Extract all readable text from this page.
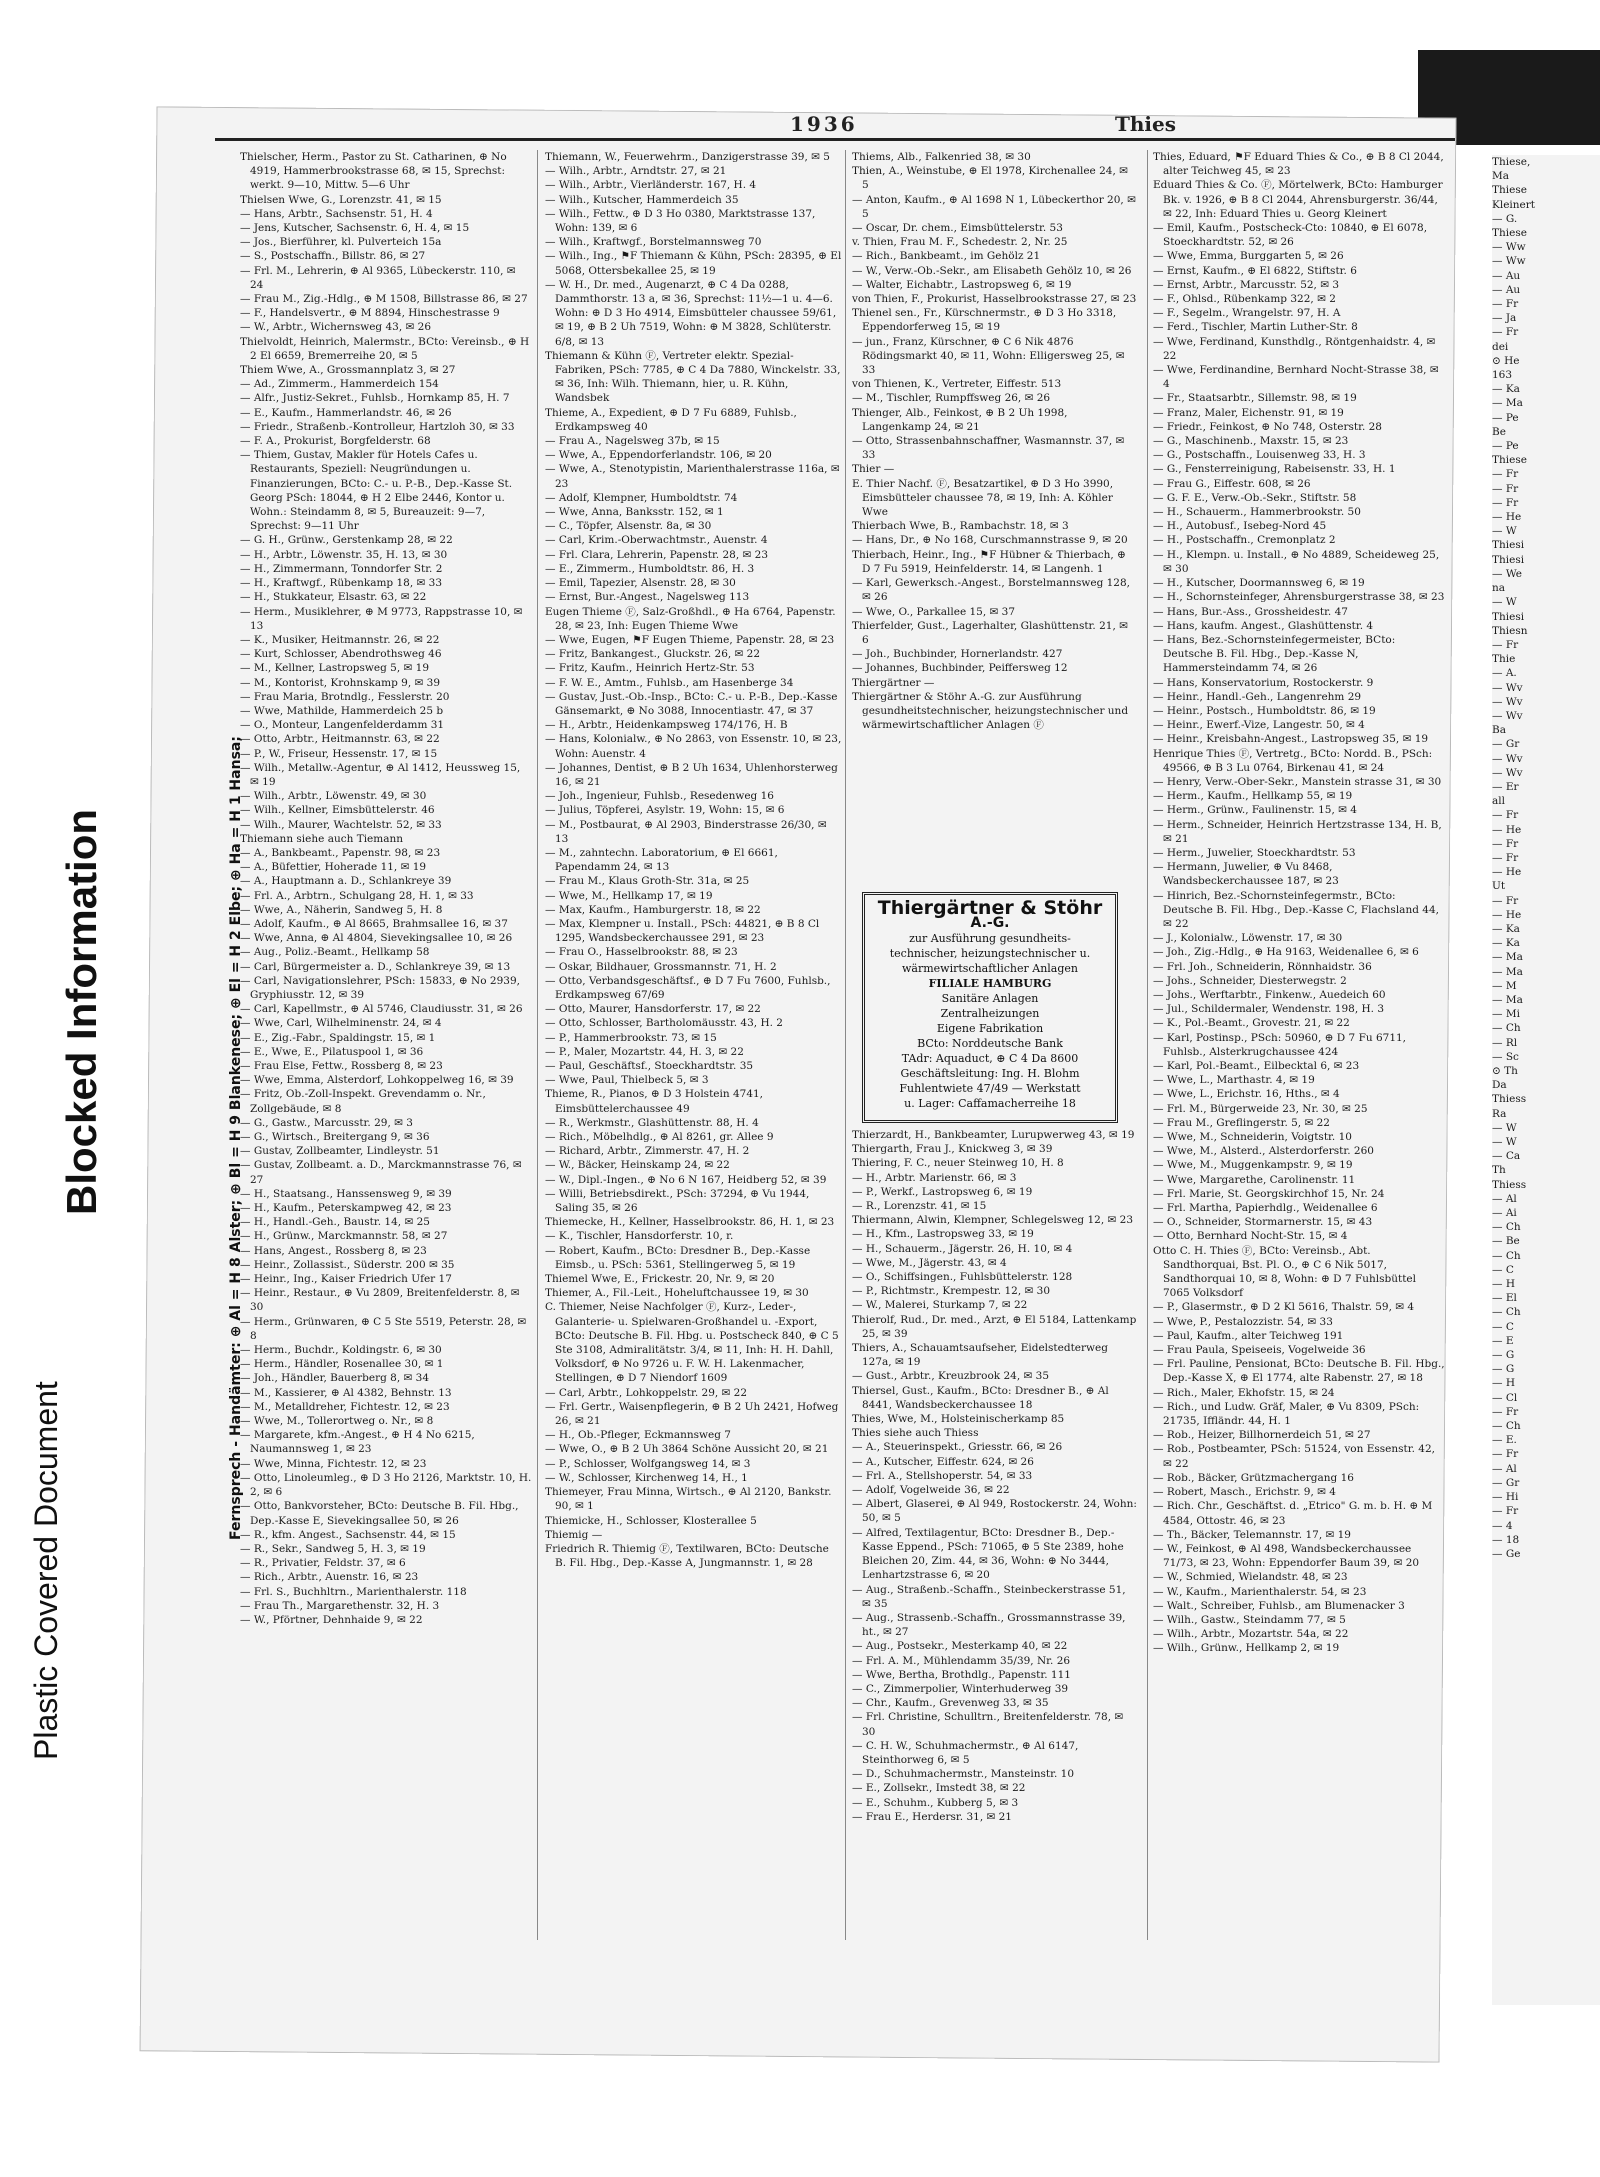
Plastic Covered Document
Blocked Information
1936	Thies
Fernsprech - Handämter: ⊕ Al = H 8 Alster; ⊕ Bl = H 9 Blankenese; ⊕ El = H 2 Elbe; ⊕ Ha = H 1 Hansa;

Thielscher, Herm., Pastor zu St. Catharinen, ⊕ No 4919, Hammerbrookstrasse 68, ✉ 15, Sprechst: werkt. 9—10, Mittw. 5—6 Uhr

Thielsen Wwe, G., Lorenzstr. 41, ✉ 15

— Hans, Arbtr., Sachsenstr. 51, H. 4

— Jens, Kutscher, Sachsenstr. 6, H. 4, ✉ 15

— Jos., Bierführer, kl. Pulverteich 15a

— S., Postschaffn., Billstr. 86, ✉ 27

— Frl. M., Lehrerin, ⊕ Al 9365, Lübeckerstr. 110, ✉ 24

— Frau M., Zig.-Hdlg., ⊕ M 1508, Billstrasse 86, ✉ 27

— F., Handelsvertr., ⊕ M 8894, Hinschestrasse 9

— W., Arbtr., Wichernsweg 43, ✉ 26

Thielvoldt, Heinrich, Malermstr., BCto: Vereinsb., ⊕ H 2 El 6659, Bremerreihe 20, ✉ 5

Thiem Wwe, A., Grossmannplatz 3, ✉ 27

— Ad., Zimmerm., Hammerdeich 154

— Alfr., Justiz-Sekret., Fuhlsb., Hornkamp 85, H. 7

— E., Kaufm., Hammerlandstr. 46, ✉ 26

— Friedr., Straßenb.-Kontrolleur, Hartzloh 30, ✉ 33

— F. A., Prokurist, Borgfelderstr. 68

— Thiem, Gustav, Makler für Hotels Cafes u. Restaurants, Speziell: Neugründungen u. Finanzierungen, BCto: C.- u. P.-B., Dep.-Kasse St. Georg PSch: 18044, ⊕ H 2 Elbe 2446, Kontor u. Wohn.: Steindamm 8, ✉ 5, Bureauzeit: 9—7, Sprechst: 9—11 Uhr

— G. H., Grünw., Gerstenkamp 28, ✉ 22

— H., Arbtr., Löwenstr. 35, H. 13, ✉ 30

— H., Zimmermann, Tonndorfer Str. 2

— H., Kraftwgf., Rübenkamp 18, ✉ 33

— H., Stukkateur, Elsastr. 63, ✉ 22

— Herm., Musiklehrer, ⊕ M 9773, Rappstrasse 10, ✉ 13

— K., Musiker, Heitmannstr. 26, ✉ 22

— Kurt, Schlosser, Abendrothsweg 46

— M., Kellner, Lastropsweg 5, ✉ 19

— M., Kontorist, Krohnskamp 9, ✉ 39

— Frau Maria, Brotndlg., Fesslerstr. 20

— Wwe, Mathilde, Hammerdeich 25 b

— O., Monteur, Langenfelderdamm 31

— Otto, Arbtr., Heitmannstr. 63, ✉ 22

— P., W., Friseur, Hessenstr. 17, ✉ 15

— Wilh., Metallw.-Agentur, ⊕ Al 1412, Heussweg 15, ✉ 19

— Wilh., Arbtr., Löwenstr. 49, ✉ 30

— Wilh., Kellner, Eimsbüttelerstr. 46

— Wilh., Maurer, Wachtelstr. 52, ✉ 33

Thiemann siehe auch Tiemann

— A., Bankbeamt., Papenstr. 98, ✉ 23

— A., Büfettier, Hoherade 11, ✉ 19

— A., Hauptmann a. D., Schlankreye 39

— Frl. A., Arbtrn., Schulgang 28, H. 1, ✉ 33

— Wwe, A., Näherin, Sandweg 5, H. 8

— Adolf, Kaufm., ⊕ Al 8665, Brahmsallee 16, ✉ 37

— Wwe, Anna, ⊕ Al 4804, Sievekingsallee 10, ✉ 26

— Aug., Poliz.-Beamt., Hellkamp 58

— Carl, Bürgermeister a. D., Schlankreye 39, ✉ 13

— Carl, Navigationslehrer, PSch: 15833, ⊕ No 2939, Gryphiusstr. 12, ✉ 39

— Carl, Kapellmstr., ⊕ Al 5746, Claudiusstr. 31, ✉ 26

— Wwe, Carl, Wilhelminenstr. 24, ✉ 4

— E., Zig.-Fabr., Spaldingstr. 15, ✉ 1

— E., Wwe, E., Pilatuspool 1, ✉ 36

— Frau Else, Fettw., Rossberg 8, ✉ 23

— Wwe, Emma, Alsterdorf, Lohkoppelweg 16, ✉ 39

— Fritz, Ob.-Zoll-Inspekt. Grevendamm o. Nr., Zollgebäude, ✉ 8

— G., Gastw., Marcusstr. 29, ✉ 3

— G., Wirtsch., Breitergang 9, ✉ 36

— Gustav, Zollbeamter, Lindleystr. 51

— Gustav, Zollbeamt. a. D., Marckmannstrasse 76, ✉ 27

— H., Staatsang., Hanssensweg 9, ✉ 39

— H., Kaufm., Peterskampweg 42, ✉ 23

— H., Handl.-Geh., Baustr. 14, ✉ 25

— H., Grünw., Marckmannstr. 58, ✉ 27

— Hans, Angest., Rossberg 8, ✉ 23

— Heinr., Zollassist., Süderstr. 200 ✉ 35

— Heinr., Ing., Kaiser Friedrich Ufer 17

— Heinr., Restaur., ⊕ Vu 2809, Breitenfelderstr. 8, ✉ 30

— Herm., Grünwaren, ⊕ C 5 Ste 5519, Peterstr. 28, ✉ 8

— Herm., Buchdr., Koldingstr. 6, ✉ 30

— Herm., Händler, Rosenallee 30, ✉ 1

— Joh., Händler, Bauerberg 8, ✉ 34

— M., Kassierer, ⊕ Al 4382, Behnstr. 13

— M., Metalldreher, Fichtestr. 12, ✉ 23

— Wwe, M., Tollerortweg o. Nr., ✉ 8

— Margarete, kfm.-Angest., ⊕ H 4 No 6215, Naumannsweg 1, ✉ 23

— Wwe, Minna, Fichtestr. 12, ✉ 23

— Otto, Linoleumleg., ⊕ D 3 Ho 2126, Marktstr. 10, H. 2, ✉ 6

— Otto, Bankvorsteher, BCto: Deutsche B. Fil. Hbg., Dep.-Kasse E, Sievekingsallee 50, ✉ 26

— R., kfm. Angest., Sachsenstr. 44, ✉ 15

— R., Sekr., Sandweg 5, H. 3, ✉ 19

— R., Privatier, Feldstr. 37, ✉ 6

— Rich., Arbtr., Auenstr. 16, ✉ 23

— Frl. S., Buchhltrn., Marienthalerstr. 118

— Frau Th., Margarethenstr. 32, H. 3

— W., Pförtner, Dehnhaide 9, ✉ 22

Thiemann, W., Feuerwehrm., Danzigerstrasse 39, ✉ 5

— Wilh., Arbtr., Arndtstr. 27, ✉ 21

— Wilh., Arbtr., Vierländerstr. 167, H. 4

— Wilh., Kutscher, Hammerdeich 35

— Wilh., Fettw., ⊕ D 3 Ho 0380, Marktstrasse 137, Wohn: 139, ✉ 6

— Wilh., Kraftwgf., Borstelmannsweg 70

— Wilh., Ing., ⚑F Thiemann & Kühn, PSch: 28395, ⊕ El 5068, Ottersbekallee 25, ✉ 19

— W. H., Dr. med., Augenarzt, ⊕ C 4 Da 0288, Dammthorstr. 13 a, ✉ 36, Sprechst: 11½—1 u. 4—6. Wohn: ⊕ D 3 Ho 4914, Eimsbütteler chaussee 59/61, ✉ 19, ⊕ B 2 Uh 7519, Wohn: ⊕ M 3828, Schlüterstr. 6/8, ✉ 13

Thiemann & Kühn Ⓕ, Vertreter elektr. Spezial-Fabriken, PSch: 7785, ⊕ C 4 Da 7880, Winckelstr. 33, ✉ 36, Inh: Wilh. Thiemann, hier, u. R. Kühn, Wandsbek

Thieme, A., Expedient, ⊕ D 7 Fu 6889, Fuhlsb., Erdkampsweg 40

— Frau A., Nagelsweg 37b, ✉ 15

— Wwe, A., Eppendorferlandstr. 106, ✉ 20

— Wwe, A., Stenotypistin, Marienthalerstrasse 116a, ✉ 23

— Adolf, Klempner, Humboldtstr. 74

— Wwe, Anna, Banksstr. 152, ✉ 1

— C., Töpfer, Alsenstr. 8a, ✉ 30

— Carl, Krim.-Oberwachtmstr., Auenstr. 4

— Frl. Clara, Lehrerin, Papenstr. 28, ✉ 23

— E., Zimmerm., Humboldtstr. 86, H. 3

— Emil, Tapezier, Alsenstr. 28, ✉ 30

— Ernst, Bur.-Angest., Nagelsweg 113

Eugen Thieme Ⓕ, Salz-Großhdl., ⊕ Ha 6764, Papenstr. 28, ✉ 23, Inh: Eugen Thieme Wwe

— Wwe, Eugen, ⚑F Eugen Thieme, Papenstr. 28, ✉ 23

— Fritz, Bankangest., Gluckstr. 26, ✉ 22

— Fritz, Kaufm., Heinrich Hertz-Str. 53

— F. W. E., Amtm., Fuhlsb., am Hasenberge 34

— Gustav, Just.-Ob.-Insp., BCto: C.- u. P.-B., Dep.-Kasse Gänsemarkt, ⊕ No 3088, Innocentiastr. 47, ✉ 37

— H., Arbtr., Heidenkampsweg 174/176, H. B

— Hans, Kolonialw., ⊕ No 2863, von Essenstr. 10, ✉ 23, Wohn: Auenstr. 4

— Johannes, Dentist, ⊕ B 2 Uh 1634, Uhlenhorsterweg 16, ✉ 21

— Joh., Ingenieur, Fuhlsb., Resedenweg 16

— Julius, Töpferei, Asylstr. 19, Wohn: 15, ✉ 6

— M., Postbaurat, ⊕ Al 2903, Binderstrasse 26/30, ✉ 13

— M., zahntechn. Laboratorium, ⊕ El 6661, Papendamm 24, ✉ 13

— Frau M., Klaus Groth-Str. 31a, ✉ 25

— Wwe, M., Hellkamp 17, ✉ 19

— Max, Kaufm., Hamburgerstr. 18, ✉ 22

— Max, Klempner u. Install., PSch: 44821, ⊕ B 8 Cl 1295, Wandsbeckerchaussee 291, ✉ 23

— Frau O., Hasselbrookstr. 88, ✉ 23

— Oskar, Bildhauer, Grossmannstr. 71, H. 2

— Otto, Verbandsgeschäftsf., ⊕ D 7 Fu 7600, Fuhlsb., Erdkampsweg 67/69

— Otto, Maurer, Hansdorferstr. 17, ✉ 22

— Otto, Schlosser, Bartholomäusstr. 43, H. 2

— P., Hammerbrookstr. 73, ✉ 15

— P., Maler, Mozartstr. 44, H. 3, ✉ 22

— Paul, Geschäftsf., Stoeckhardtstr. 35

— Wwe, Paul, Thielbeck 5, ✉ 3

Thieme, R., Pianos, ⊕ D 3 Holstein 4741, Eimsbüttelerchaussee 49

— R., Werkmstr., Glashüttenstr. 88, H. 4

— Rich., Möbelhdlg., ⊕ Al 8261, gr. Allee 9

— Richard, Arbtr., Zimmerstr. 47, H. 2

— W., Bäcker, Heinskamp 24, ✉ 22

— W., Dipl.-Ingen., ⊕ No 6 N 167, Heidberg 52, ✉ 39

— Willi, Betriebsdirekt., PSch: 37294, ⊕ Vu 1944, Saling 35, ✉ 26

Thiemecke, H., Kellner, Hasselbrookstr. 86, H. 1, ✉ 23

— K., Tischler, Hansdorferstr. 10, r.

— Robert, Kaufm., BCto: Dresdner B., Dep.-Kasse Eimsb., u. PSch: 5361, Stellingerweg 5, ✉ 19

Thiemel Wwe, E., Frickestr. 20, Nr. 9, ✉ 20

Thiemer, A., Fil.-Leit., Hoheluftchaussee 19, ✉ 30

C. Thiemer, Neise Nachfolger Ⓕ, Kurz-, Leder-, Galanterie- u. Spielwaren-Großhandel u. -Export, BCto: Deutsche B. Fil. Hbg. u. Postscheck 840, ⊕ C 5 Ste 3108, Admiralitätstr. 3/4, ✉ 11, Inh: H. H. Dahll, Volksdorf, ⊕ No 9726 u. F. W. H. Lakenmacher, Stellingen, ⊕ D 7 Niendorf 1609

— Carl, Arbtr., Lohkoppelstr. 29, ✉ 22

— Frl. Gertr., Waisenpflegerin, ⊕ B 2 Uh 2421, Hofweg 26, ✉ 21

— H., Ob.-Pfleger, Eckmannsweg 7

— Wwe, O., ⊕ B 2 Uh 3864 Schöne Aussicht 20, ✉ 21

— P., Schlosser, Wolfgangsweg 14, ✉ 3

— W., Schlosser, Kirchenweg 14, H., 1

Thiemeyer, Frau Minna, Wirtsch., ⊕ Al 2120, Bankstr. 90, ✉ 1

Thiemicke, H., Schlosser, Klosterallee 5

Thiemig —

Friedrich R. Thiemig Ⓕ, Textilwaren, BCto: Deutsche B. Fil. Hbg., Dep.-Kasse A, Jungmannstr. 1, ✉ 28

Thiems, Alb., Falkenried 38, ✉ 30

Thien, A., Weinstube, ⊕ El 1978, Kirchenallee 24, ✉ 5

— Anton, Kaufm., ⊕ Al 1698 N 1, Lübeckerthor 20, ✉ 5

— Oscar, Dr. chem., Eimsbüttelerstr. 53

v. Thien, Frau M. F., Schedestr. 2, Nr. 25

— Rich., Bankbeamt., im Gehölz 21

— W., Verw.-Ob.-Sekr., am Elisabeth Gehölz 10, ✉ 26

— Walter, Eichabtr., Lastropsweg 6, ✉ 19

von Thien, F., Prokurist, Hasselbrookstrasse 27, ✉ 23

Thienel sen., Fr., Kürschnermstr., ⊕ D 3 Ho 3318, Eppendorferweg 15, ✉ 19

— jun., Franz, Kürschner, ⊕ C 6 Nik 4876 Rödingsmarkt 40, ✉ 11, Wohn: Elligersweg 25, ✉ 33

von Thienen, K., Vertreter, Eiffestr. 513

— M., Tischler, Rumpffsweg 26, ✉ 26

Thienger, Alb., Feinkost, ⊕ B 2 Uh 1998, Langenkamp 24, ✉ 21

— Otto, Strassenbahnschaffner, Wasmannstr. 37, ✉ 33

Thier —

E. Thier Nachf. Ⓕ, Besatzartikel, ⊕ D 3 Ho 3990, Eimsbütteler chaussee 78, ✉ 19, Inh: A. Köhler Wwe

Thierbach Wwe, B., Rambachstr. 18, ✉ 3

— Hans, Dr., ⊕ No 168, Curschmannstrasse 9, ✉ 20

Thierbach, Heinr., Ing., ⚑F Hübner & Thierbach, ⊕ D 7 Fu 5919, Heinfelderstr. 14, ✉ Langenh. 1

— Karl, Gewerksch.-Angest., Borstelmannsweg 128, ✉ 26

— Wwe, O., Parkallee 15, ✉ 37

Thierfelder, Gust., Lagerhalter, Glashüttenstr. 21, ✉ 6

— Joh., Buchbinder, Hornerlandstr. 427

— Johannes, Buchbinder, Peiffersweg 12

Thiergärtner —

Thiergärtner & Stöhr A.-G. zur Ausführung gesundheitstechnischer, heizungstechnischer und wärmewirtschaftlicher Anlagen Ⓕ

Thiergärtner & Stöhr
A.-G.
zur Ausführung gesundheits-
technischer, heizungstechnischer u.
wärmewirtschaftlicher Anlagen
FILIALE HAMBURG
Sanitäre Anlagen
Zentralheizungen
Eigene Fabrikation
BCto: Norddeutsche Bank
TAdr: Aquaduct, ⊕ C 4 Da 8600
Geschäftsleitung: Ing. H. Blohm
Fuhlentwiete 47/49 — Werkstatt
u. Lager: Caffamacherreihe 18

Thierzardt, H., Bankbeamter, Lurupwerweg 43, ✉ 19

Thiergarth, Frau J., Knickweg 3, ✉ 39

Thiering, F. C., neuer Steinweg 10, H. 8

— H., Arbtr. Marienstr. 66, ✉ 3

— P., Werkf., Lastropsweg 6, ✉ 19

— R., Lorenzstr. 41, ✉ 15

Thiermann, Alwin, Klempner, Schlegelsweg 12, ✉ 23

— H., Kfm., Lastropsweg 33, ✉ 19

— H., Schauerm., Jägerstr. 26, H. 10, ✉ 4

— Wwe, M., Jägerstr. 43, ✉ 4

— O., Schiffsingen., Fuhlsbüttelerstr. 128

— P., Richtmstr., Krempestr. 12, ✉ 30

— W., Malerei, Sturkamp 7, ✉ 22

Thierolf, Rud., Dr. med., Arzt, ⊕ El 5184, Lattenkamp 25, ✉ 39

Thiers, A., Schauamtsaufseher, Eidelstedterweg 127a, ✉ 19

— Gust., Arbtr., Kreuzbrook 24, ✉ 35

Thiersel, Gust., Kaufm., BCto: Dresdner B., ⊕ Al 8441, Wandsbeckerchaussee 18

Thies, Wwe, M., Holsteinischerkamp 85

Thies siehe auch Thiess

— A., Steuerinspekt., Griesstr. 66, ✉ 26

— A., Kutscher, Eiffestr. 624, ✉ 26

— Frl. A., Stellshoperstr. 54, ✉ 33

— Adolf, Vogelweide 36, ✉ 22

— Albert, Glaserei, ⊕ Al 949, Rostockerstr. 24, Wohn: 50, ✉ 5

— Alfred, Textilagentur, BCto: Dresdner B., Dep.-Kasse Eppend., PSch: 71065, ⊕ 5 Ste 2389, hohe Bleichen 20, Zim. 44, ✉ 36, Wohn: ⊕ No 3444, Lenhartzstrasse 6, ✉ 20

— Aug., Straßenb.-Schaffn., Steinbeckerstrasse 51, ✉ 35

— Aug., Strassenb.-Schaffn., Grossmannstrasse 39, ht., ✉ 27

— Aug., Postsekr., Mesterkamp 40, ✉ 22

— Frl. A. M., Mühlendamm 35/39, Nr. 26

— Wwe, Bertha, Brothdlg., Papenstr. 111

— C., Zimmerpolier, Winterhuderweg 39

— Chr., Kaufm., Grevenweg 33, ✉ 35

— Frl. Christine, Schulltrn., Breitenfelderstr. 78, ✉ 30

— C. H. W., Schuhmachermstr., ⊕ Al 6147, Steinthorweg 6, ✉ 5

— D., Schuhmachermstr., Mansteinstr. 10

— E., Zollsekr., Imstedt 38, ✉ 22

— E., Schuhm., Kubberg 5, ✉ 3

— Frau E., Herdersr. 31, ✉ 21

Thies, Eduard, ⚑F Eduard Thies & Co., ⊕ B 8 Cl 2044, alter Teichweg 45, ✉ 23

Eduard Thies & Co. Ⓕ, Mörtelwerk, BCto: Hamburger Bk. v. 1926, ⊕ B 8 Cl 2044, Ahrensburgerstr. 36/44, ✉ 22, Inh: Eduard Thies u. Georg Kleinert

— Emil, Kaufm., Postscheck-Cto: 10840, ⊕ El 6078, Stoeckhardtstr. 52, ✉ 26

— Wwe, Emma, Burggarten 5, ✉ 26

— Ernst, Kaufm., ⊕ El 6822, Stiftstr. 6

— Ernst, Arbtr., Marcusstr. 52, ✉ 3

— F., Ohlsd., Rübenkamp 322, ✉ 2

— F., Segelm., Wrangelstr. 97, H. A

— Ferd., Tischler, Martin Luther-Str. 8

— Wwe, Ferdinand, Kunsthdlg., Röntgenhaidstr. 4, ✉ 22

— Wwe, Ferdinandine, Bernhard Nocht-Strasse 38, ✉ 4

— Fr., Staatsarbtr., Sillemstr. 98, ✉ 19

— Franz, Maler, Eichenstr. 91, ✉ 19

— Friedr., Feinkost, ⊕ No 748, Osterstr. 28

— G., Maschinenb., Maxstr. 15, ✉ 23

— G., Postschaffn., Louisenweg 33, H. 3

— G., Fensterreinigung, Rabeisenstr. 33, H. 1

— Frau G., Eiffestr. 608, ✉ 26

— G. F. E., Verw.-Ob.-Sekr., Stiftstr. 58

— H., Schauerm., Hammerbrookstr. 50

— H., Autobusf., Isebeg-Nord 45

— H., Postschaffn., Cremonplatz 2

— H., Klempn. u. Install., ⊕ No 4889, Scheideweg 25, ✉ 30

— H., Kutscher, Doormannsweg 6, ✉ 19

— H., Schornsteinfeger, Ahrensburgerstrasse 38, ✉ 23

— Hans, Bur.-Ass., Grossheidestr. 47

— Hans, kaufm. Angest., Glashüttenstr. 4

— Hans, Bez.-Schornsteinfegermeister, BCto: Deutsche B. Fil. Hbg., Dep.-Kasse N, Hammersteindamm 74, ✉ 26

— Hans, Konservatorium, Rostockerstr. 9

— Heinr., Handl.-Geh., Langenrehm 29

— Heinr., Postsch., Humboldtstr. 86, ✉ 19

— Heinr., Ewerf.-Vize, Langestr. 50, ✉ 4

— Heinr., Kreisbahn-Angest., Lastropsweg 35, ✉ 19

Henrique Thies Ⓕ, Vertretg., BCto: Nordd. B., PSch: 49566, ⊕ B 3 Lu 0764, Birkenau 41, ✉ 24

— Henry, Verw.-Ober-Sekr., Manstein strasse 31, ✉ 30

— Herm., Kaufm., Hellkamp 55, ✉ 19

— Herm., Grünw., Faulinenstr. 15, ✉ 4

— Herm., Schneider, Heinrich Hertzstrasse 134, H. B, ✉ 21

— Herm., Juwelier, Stoeckhardtstr. 53

— Hermann, Juwelier, ⊕ Vu 8468, Wandsbeckerchaussee 187, ✉ 23

— Hinrich, Bez.-Schornsteinfegermstr., BCto: Deutsche B. Fil. Hbg., Dep.-Kasse C, Flachsland 44, ✉ 22

— J., Kolonialw., Löwenstr. 17, ✉ 30

— Joh., Zig.-Hdlg., ⊕ Ha 9163, Weidenallee 6, ✉ 6

— Frl. Joh., Schneiderin, Rönnhaidstr. 36

— Johs., Schneider, Diesterwegstr. 2

— Johs., Werftarbtr., Finkenw., Auedeich 60

— Jul., Schildermaler, Wendenstr. 198, H. 3

— K., Pol.-Beamt., Grovestr. 21, ✉ 22

— Karl, Postinsp., PSch: 50960, ⊕ D 7 Fu 6711, Fuhlsb., Alsterkrugchaussee 424

— Karl, Pol.-Beamt., Eilbecktal 6, ✉ 23

— Wwe, L., Marthastr. 4, ✉ 19

— Wwe, L., Erichstr. 16, Hths., ✉ 4

— Frl. M., Bürgerweide 23, Nr. 30, ✉ 25

— Frau M., Greflingerstr. 5, ✉ 22

— Wwe, M., Schneiderin, Voigtstr. 10

— Wwe, M., Alsterd., Alsterdorferstr. 260

— Wwe, M., Muggenkampstr. 9, ✉ 19

— Wwe, Margarethe, Carolinenstr. 11

— Frl. Marie, St. Georgskirchhof 15, Nr. 24

— Frl. Martha, Papierhdlg., Weidenallee 6

— O., Schneider, Stormarnerstr. 15, ✉ 43

— Otto, Bernhard Nocht-Str. 15, ✉ 4

Otto C. H. Thies Ⓕ, BCto: Vereinsb., Abt. Sandthorquai, Bst. Pl. O., ⊕ C 6 Nik 5017, Sandthorquai 10, ✉ 8, Wohn: ⊕ D 7 Fuhlsbüttel 7065 Volksdorf

— P., Glasermstr., ⊕ D 2 Kl 5616, Thalstr. 59, ✉ 4

— Wwe, P., Pestalozzistr. 54, ✉ 33

— Paul, Kaufm., alter Teichweg 191

— Frau Paula, Speiseeis, Vogelweide 36

— Frl. Pauline, Pensionat, BCto: Deutsche B. Fil. Hbg., Dep.-Kasse X, ⊕ El 1774, alte Rabenstr. 27, ✉ 18

— Rich., Maler, Ekhofstr. 15, ✉ 24

— Rich., und Ludw. Gräf, Maler, ⊕ Vu 8309, PSch: 21735, Iffländr. 44, H. 1

— Rob., Heizer, Billhornerdeich 51, ✉ 27

— Rob., Postbeamter, PSch: 51524, von Essenstr. 42, ✉ 22

— Rob., Bäcker, Grützmachergang 16

— Robert, Masch., Erichstr. 9, ✉ 4

— Rich. Chr., Geschäftst. d. „Etrico" G. m. b. H. ⊕ M 4584, Ottostr. 46, ✉ 23

— Th., Bäcker, Telemannstr. 17, ✉ 19

— W., Feinkost, ⊕ Al 498, Wandsbeckerchaussee 71/73, ✉ 23, Wohn: Eppendorfer Baum 39, ✉ 20

— W., Schmied, Wielandstr. 48, ✉ 23

— W., Kaufm., Marienthalerstr. 54, ✉ 23

— Walt., Schreiber, Fuhlsb., am Blumenacker 3

— Wilh., Gastw., Steindamm 77, ✉ 5

— Wilh., Arbtr., Mozartstr. 54a, ✉ 22

— Wilh., Grünw., Hellkamp 2, ✉ 19

Thiese,

Ma

Thiese

Kleinert

— G.

Thiese

— Ww

— Ww

— Au

— Au

— Fr

— Ja

— Fr

dei

⊙ He

163

— Ka

— Ma

— Pe

Be

— Pe

Thiese

— Fr

— Fr

— Fr

— He

— W

Thiesi

Thiesi

— We

na

— W

Thiesi

Thiesn

— Fr

Thie

— A.

— Wv

— Wv

— Wv

Ba

— Gr

— Wv

— Wv

— Er

all

— Fr

— He

— Fr

— Fr

— He

Ut

— Fr

— He

— Ka

— Ka

— Ma

— Ma

— M

— Ma

— Mi

— Ch

— Rl

— Sc

⊙ Th

Da

Thiess

Ra

— W

— W

— Ca

Th

Thiess

— Al

— Ai

— Ch

— Be

— Ch

— C

— H

— El

— Ch

— C

— E

— G

— G

— H

— Cl

— Fr

— Ch

— E.

— Fr

— Al

— Gr

— Hi

— Fr

— 4

— 18

— Ge
